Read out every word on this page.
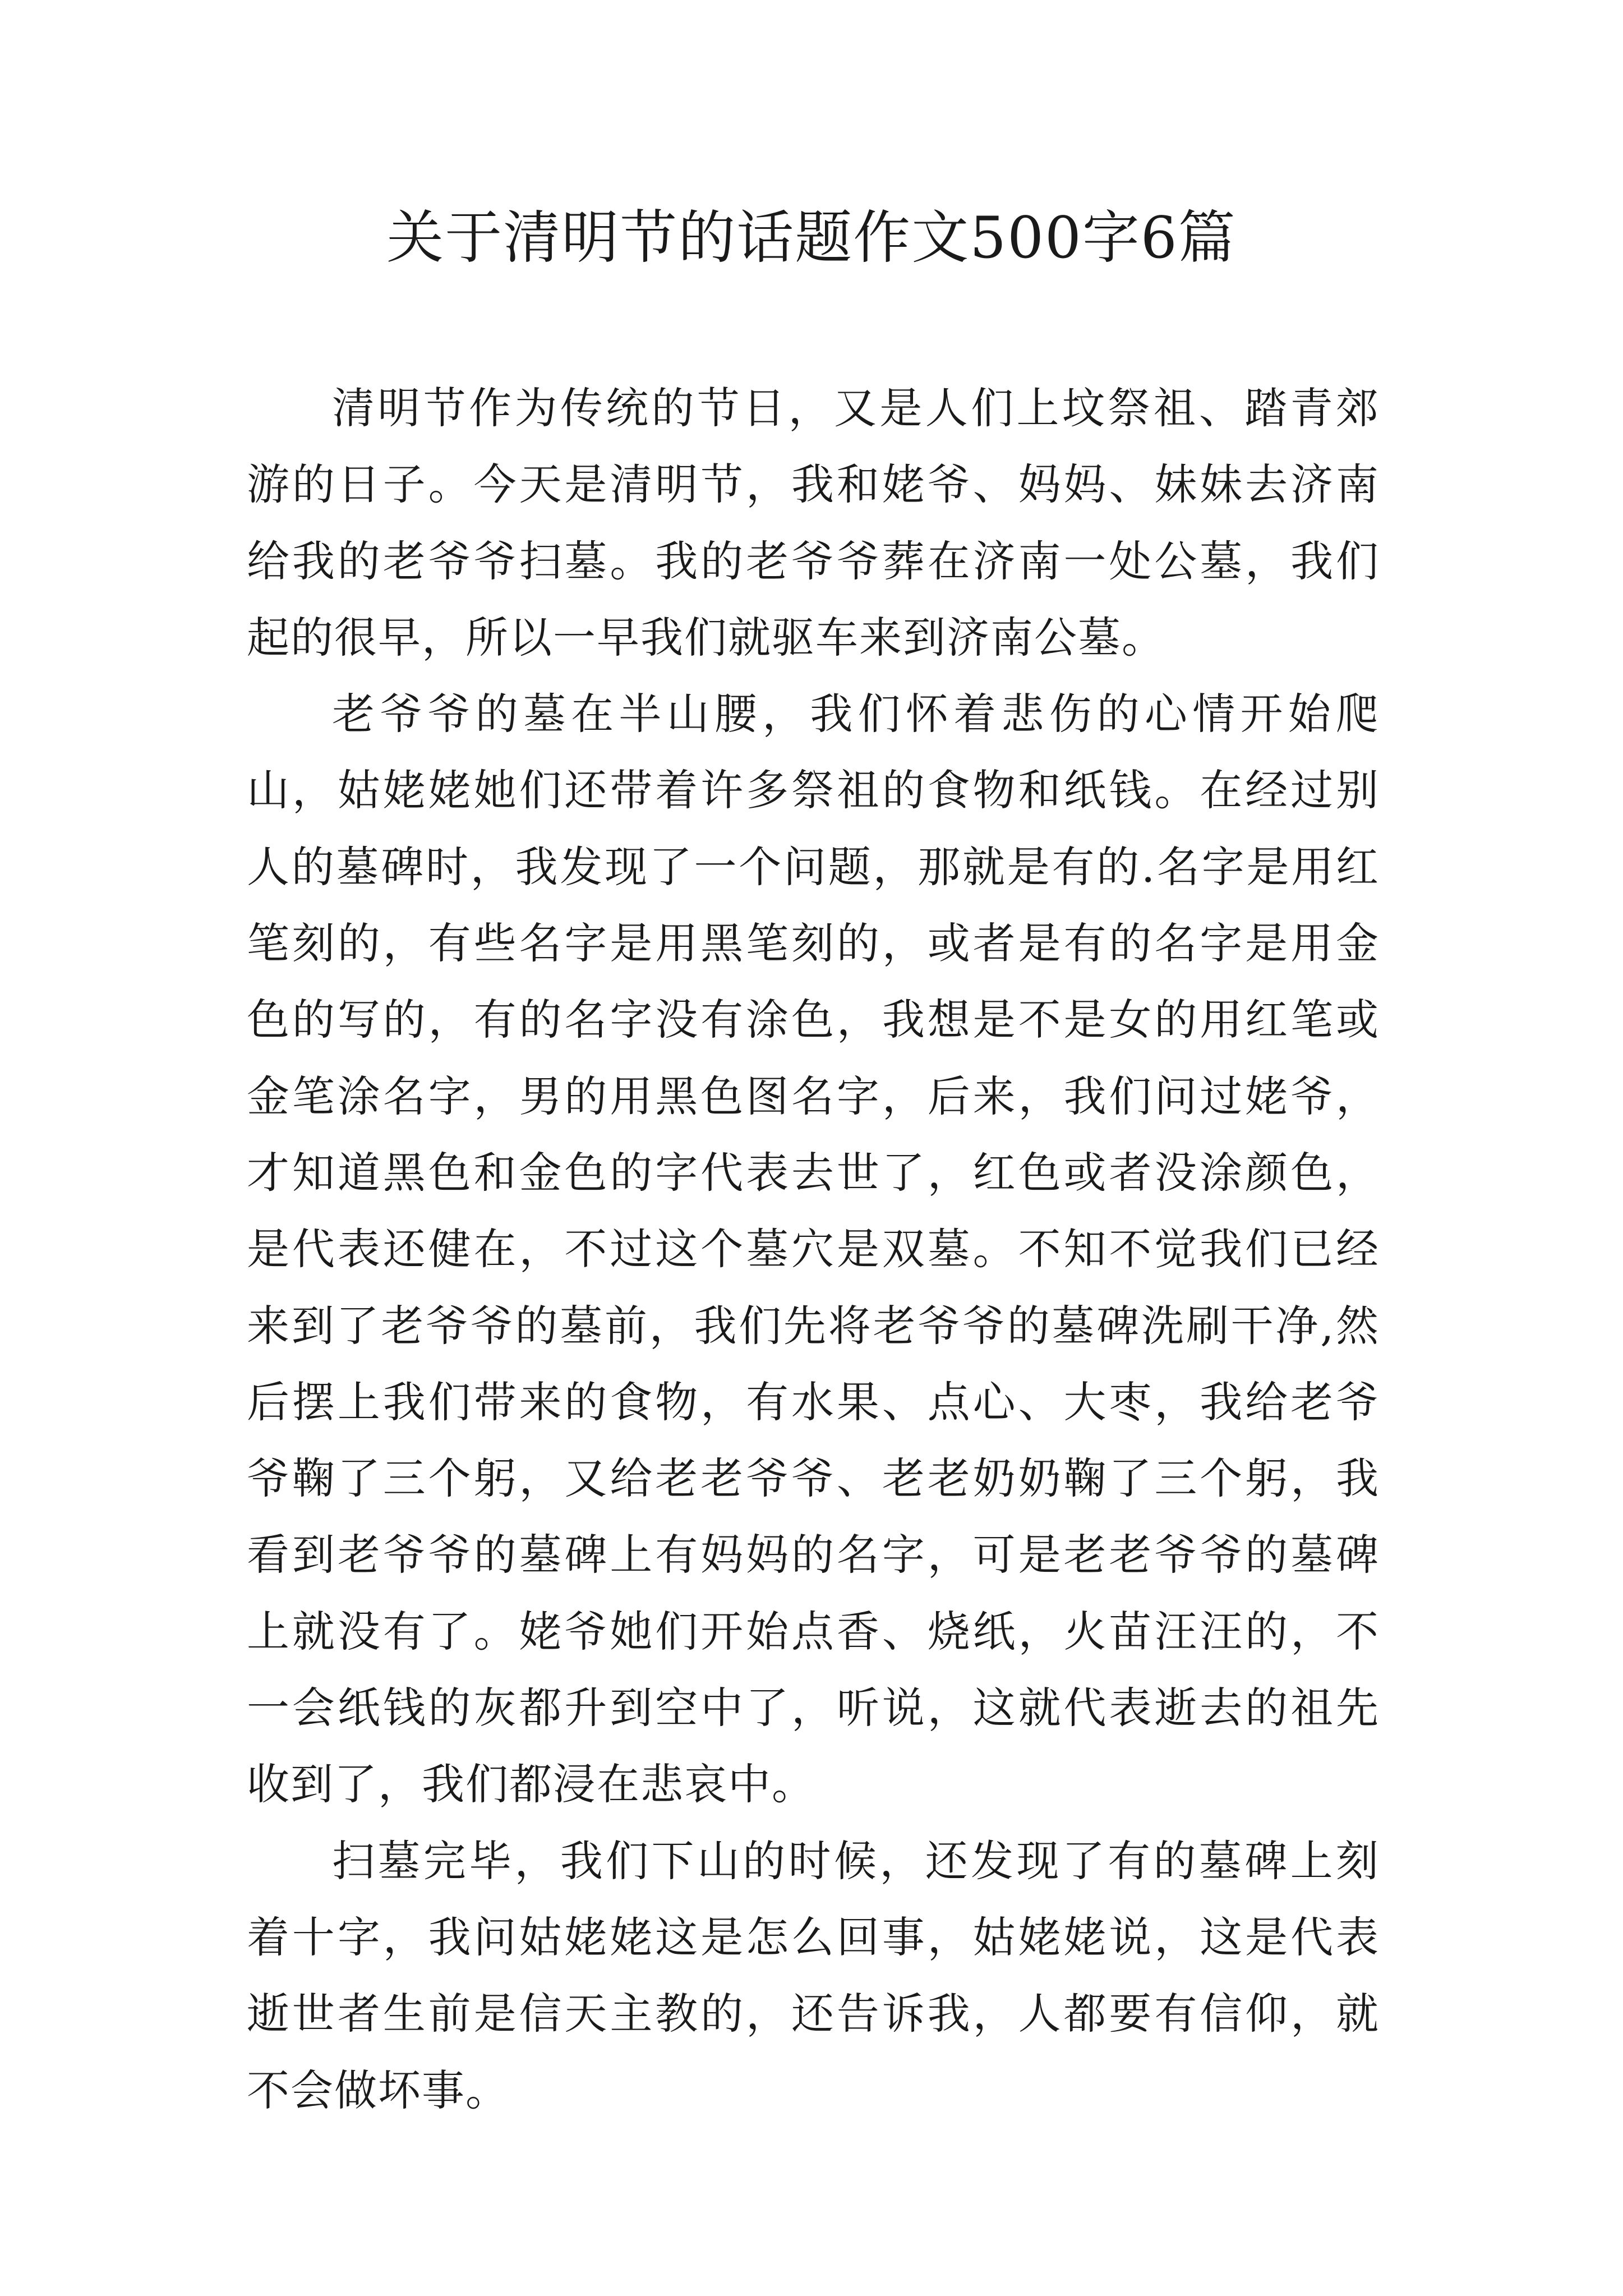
关于清明节的话题作文500字6篇

清明节作为传统的节日，又是人们上坟祭祖、踏青郊游的日子。今天是清明节，我和姥爷、妈妈、妹妹去济南给我的老爷爷扫墓。我的老爷爷葬在济南一处公墓，我们起的很早，所以一早我们就驱车来到济南公墓。

老爷爷的墓在半山腰，我们怀着悲伤的心情开始爬山，姑姥姥她们还带着许多祭祖的食物和纸钱。在经过别人的墓碑时，我发现了一个问题，那就是有的.名字是用红笔刻的，有些名字是用黑笔刻的，或者是有的名字是用金色的写的，有的名字没有涂色，我想是不是女的用红笔或金笔涂名字，男的用黑色图名字，后来，我们问过姥爷，才知道黑色和金色的字代表去世了，红色或者没涂颜色，是代表还健在，不过这个墓穴是双墓。不知不觉我们已经来到了老爷爷的墓前，我们先将老爷爷的墓碑洗刷干净,然后摆上我们带来的食物，有水果、点心、大枣，我给老爷爷鞠了三个躬，又给老老爷爷、老老奶奶鞠了三个躬，我看到老爷爷的墓碑上有妈妈的名字，可是老老爷爷的墓碑上就没有了。姥爷她们开始点香、烧纸，火苗汪汪的，不一会纸钱的灰都升到空中了，听说，这就代表逝去的祖先收到了，我们都浸在悲哀中。

扫墓完毕，我们下山的时候，还发现了有的墓碑上刻着十字，我问姑姥姥这是怎么回事，姑姥姥说，这是代表逝世者生前是信天主教的，还告诉我，人都要有信仰，就不会做坏事。
